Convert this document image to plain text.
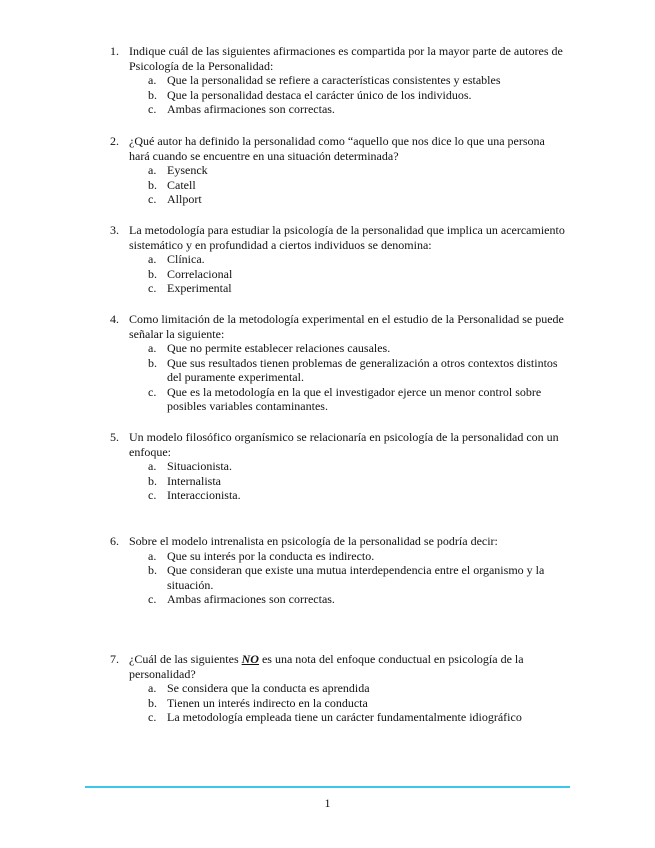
1. Indique cuál de las siguientes afirmaciones es compartida por la mayor parte de autores de Psicología de la Personalidad:
a. Que la personalidad se refiere a características consistentes y estables
b. Que la personalidad destaca el carácter único de los individuos.
c. Ambas afirmaciones son correctas.
2. ¿Qué autor ha definido la personalidad como “aquello que nos dice lo que una persona hará cuando se encuentre en una situación determinada?
a. Eysenck
b. Catell
c. Allport
3. La metodología para estudiar la psicología de la personalidad que implica un acercamiento sistemático y en profundidad a ciertos individuos se denomina:
a. Clínica.
b. Correlacional
c. Experimental
4. Como limitación de la metodología experimental en el estudio de la Personalidad se puede señalar la siguiente:
a. Que no permite establecer relaciones causales.
b. Que sus resultados tienen problemas de generalización a otros contextos distintos del puramente experimental.
c. Que es la metodología en la que el investigador ejerce un menor control sobre posibles variables contaminantes.
5. Un modelo filosófico organísmico se relacionaría en psicología de la personalidad con un enfoque:
a. Situacionista.
b. Internalista
c. Interaccionista.
6. Sobre el modelo intrenalista en psicología de la personalidad se podría decir:
a. Que su interés por la conducta es indirecto.
b. Que consideran que existe una mutua interdependencia entre el organismo y la situación.
c. Ambas afirmaciones son correctas.
7. ¿Cuál de las siguientes NO es una nota del enfoque conductual en psicología de la personalidad?
a. Se considera que la conducta es aprendida
b. Tienen un interés indirecto en la conducta
c. La metodología empleada tiene un carácter fundamentalmente idiográfico
1
